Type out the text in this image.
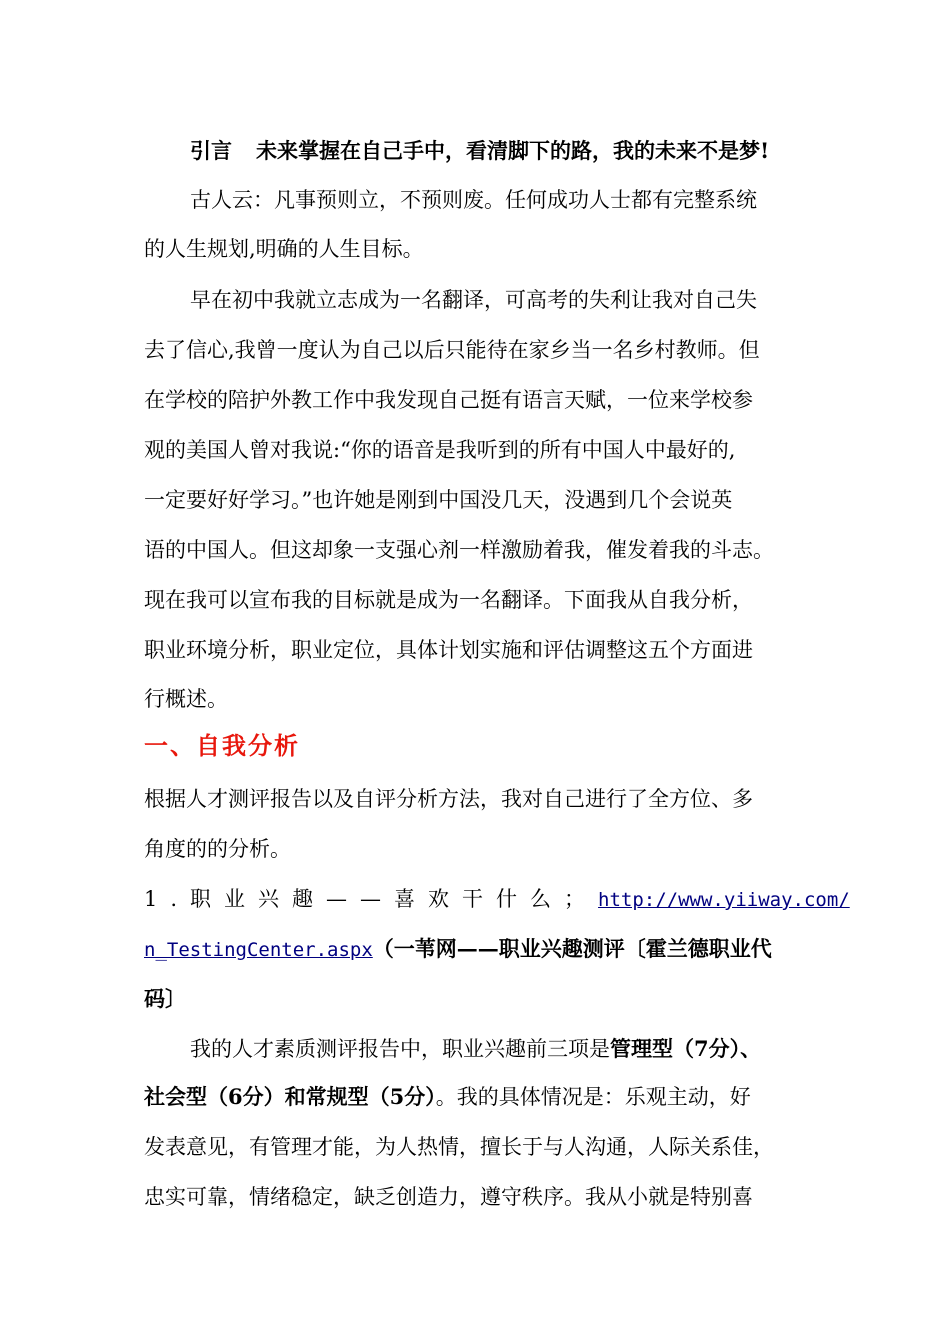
引言 未来掌握在自己手中，看清脚下的路，我的未来不是梦!
古人云：凡事预则立，不预则废。任何成功人士都有完整系统
的人生规划,明确的人生目标。
早在初中我就立志成为一名翻译，可高考的失利让我对自己失
去了信心,我曾一度认为自己以后只能待在家乡当一名乡村教师。但
在学校的陪护外教工作中我发现自己挺有语言天赋，一位来学校参
观的美国人曾对我说:“你的语音是我听到的所有中国人中最好的,
一定要好好学习。”也许她是刚到中国没几天，没遇到几个会说英
语的中国人。但这却象一支强心剂一样激励着我，催发着我的斗志。
现在我可以宣布我的目标就是成为一名翻译。下面我从自我分析，
职业环境分析，职业定位，具体计划实施和评估调整这五个方面进
行概述。
一、自我分析
根据人才测评报告以及自评分析方法，我对自己进行了全方位、多
角度的的分析。
1.职业兴趣——喜欢干什么；http://www.yiiway.com/
n_TestingCenter.aspx（一苇网——职业兴趣测评〔霍兰德职业代
码〕
我的人才素质测评报告中，职业兴趣前三项是管理型（7分）、
社会型（6分）和常规型（5分）。我的具体情况是：乐观主动，好
发表意见，有管理才能，为人热情，擅长于与人沟通，人际关系佳，
忠实可靠，情绪稳定，缺乏创造力，遵守秩序。我从小就是特别喜
